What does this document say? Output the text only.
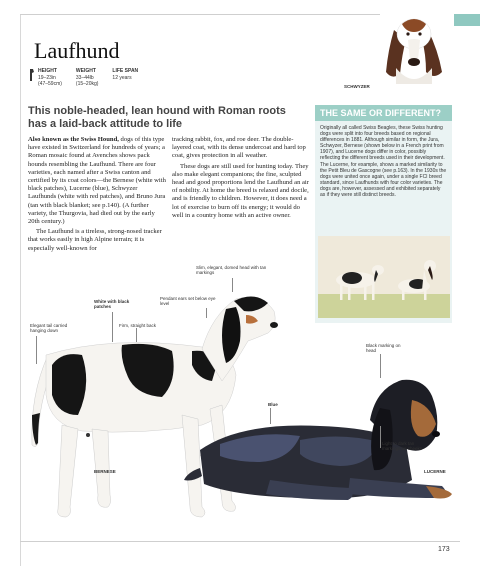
SCHWYZER
Laufhund
HEIGHT
19–23in
(47–59cm)
WEIGHT
33–44lb
(15–20kg)
LIFE SPAN
12 years

This noble-headed, lean hound with Roman roots has a laid-back attitude to life

Also known as the Swiss Hound, dogs of this type have existed in Switzerland for hundreds of years; a Roman mosaic found at Avenches shows pack hounds resembling the Laufhund. There are four varieties, each named after a Swiss canton and certified by its coat colors—the Bernese (white with black patches), Lucerne (blue), Schwyzer Laufhunds (white with red patches), and Bruno Jura (tan with black blanket; see p.140). (A further variety, the Thurgovia, had died out by the early 20th century.)

The Laufhund is a tireless, strong-nosed tracker that works easily in high Alpine terrain; it is especially well-known for

tracking rabbit, fox, and roe deer. The double-layered coat, with its dense undercoat and hard top coat, gives protection in all weather.

These dogs are still used for hunting today. They also make elegant companions; the fine, sculpted head and good proportions lend the Laufhund an air of nobility. At home the breed is relaxed and docile, and is friendly to children. However, it does need a lot of exercise to burn off its energy; it would do well in a country home with an active owner.

THE SAME OR DIFFERENT?
Originally all called Swiss Beagles, these Swiss hunting dogs were split into four breeds based on regional differences in 1881. Although similar in form, the Jura, Schwyzer, Bernese (shown below in a French print from 1907), and Lucerne dogs differ in color, possibly reflecting the different breeds used in their development. The Lucerne, for example, shows a marked similarity to the Petit Bleu de Gascogne (see p.163). In the 1930s the dogs were united once again, under a single FCI breed standard, since Laufhunds with four color varieties. The dogs are, however, assessed and exhibited separately as if they were still distinct breeds.
Slim, elegant, domed head with tan markings
Pendant ears set below eye level
White with black patches
Firm, straight back
Elegant tail carried hanging down
Black marking on head
Blue
Light to dark tan markings on cheeks
BERNESE	LUCERNE
173
